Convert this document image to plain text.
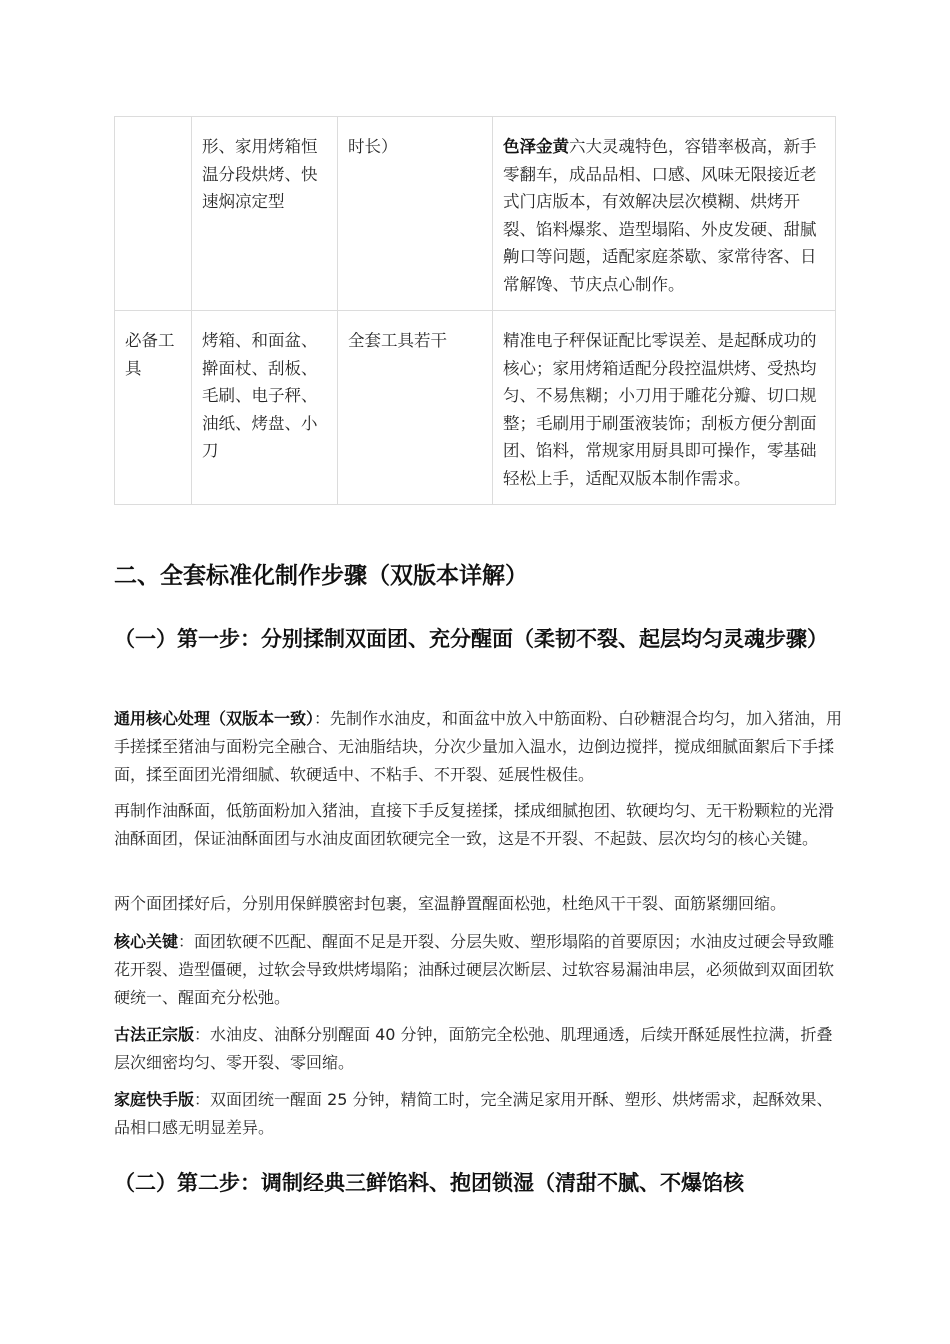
	形、家用烤箱恒温分段烘烤、快速焖凉定型	时长）	色泽金黄六大灵魂特色，容错率极高，新手零翻车，成品品相、口感、风味无限接近老式门店版本，有效解决层次模糊、烘烤开裂、馅料爆浆、造型塌陷、外皮发硬、甜腻齁口等问题，适配家庭茶歇、家常待客、日常解馋、节庆点心制作。
必备工具	烤箱、和面盆、擀面杖、刮板、毛刷、电子秤、油纸、烤盘、小刀	全套工具若干	精准电子秤保证配比零误差、是起酥成功的核心；家用烤箱适配分段控温烘烤、受热均匀、不易焦糊；小刀用于雕花分瓣、切口规整；毛刷用于刷蛋液装饰；刮板方便分割面团、馅料，常规家用厨具即可操作，零基础轻松上手，适配双版本制作需求。
二、全套标准化制作步骤（双版本详解）
（一）第一步：分别揉制双面团、充分醒面（柔韧不裂、起层均匀灵魂步骤）

通用核心处理（双版本一致）：先制作水油皮，和面盆中放入中筋面粉、白砂糖混合均匀，加入猪油，用手搓揉至猪油与面粉完全融合、无油脂结块，分次少量加入温水，边倒边搅拌，搅成细腻面絮后下手揉面，揉至面团光滑细腻、软硬适中、不粘手、不开裂、延展性极佳。

再制作油酥面，低筋面粉加入猪油，直接下手反复搓揉，揉成细腻抱团、软硬均匀、无干粉颗粒的光滑油酥面团，保证油酥面团与水油皮面团软硬完全一致，这是不开裂、不起鼓、层次均匀的核心关键。

两个面团揉好后，分别用保鲜膜密封包裹，室温静置醒面松弛，杜绝风干干裂、面筋紧绷回缩。

核心关键：面团软硬不匹配、醒面不足是开裂、分层失败、塑形塌陷的首要原因；水油皮过硬会导致雕花开裂、造型僵硬，过软会导致烘烤塌陷；油酥过硬层次断层、过软容易漏油串层，必须做到双面团软硬统一、醒面充分松弛。

古法正宗版：水油皮、油酥分别醒面 40 分钟，面筋完全松弛、肌理通透，后续开酥延展性拉满，折叠层次细密均匀、零开裂、零回缩。

家庭快手版：双面团统一醒面 25 分钟，精简工时，完全满足家用开酥、塑形、烘烤需求，起酥效果、品相口感无明显差异。

（二）第二步：调制经典三鲜馅料、抱团锁湿（清甜不腻、不爆馅核
